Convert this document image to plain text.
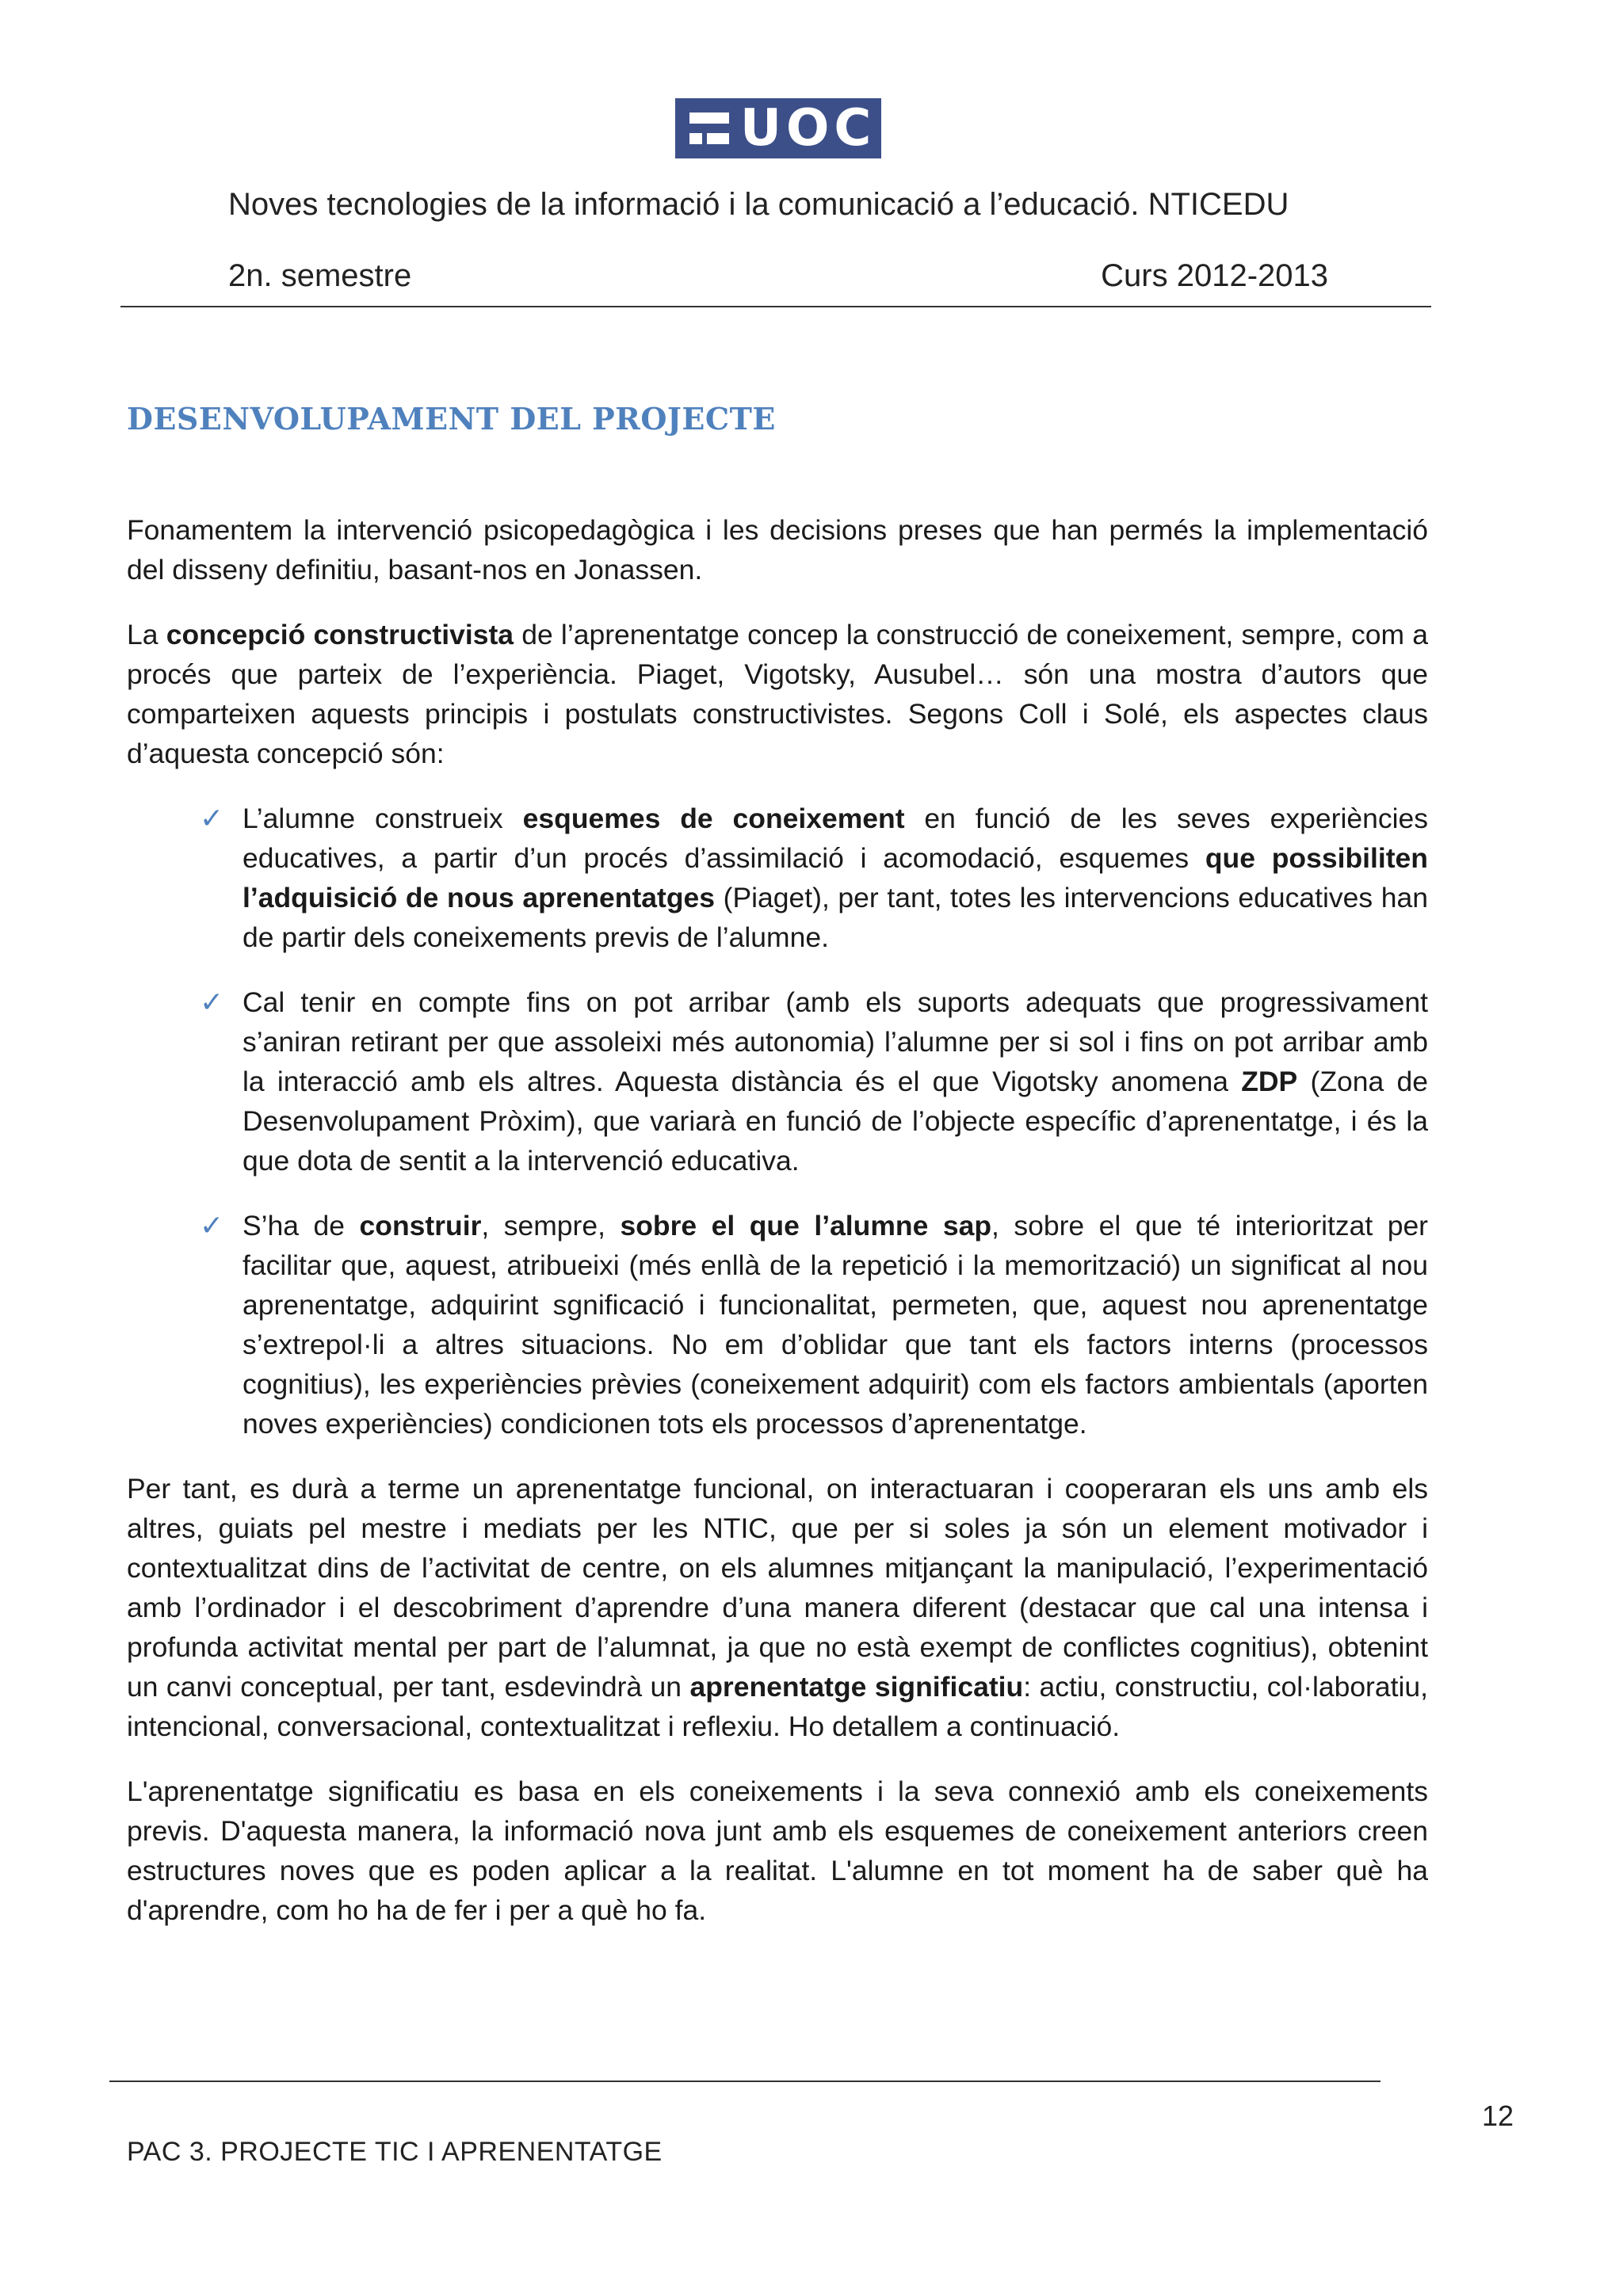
UOC
Noves tecnologies de la informació i la comunicació a l’educació. NTICEDU
2n. semestre	Curs 2012-2013
DESENVOLUPAMENT DEL PROJECTE

Fonamentem la intervenció psicopedagògica i les decisions preses que han permés la implementació del disseny definitiu, basant-nos en Jonassen.

La concepció constructivista de l’aprenentatge concep la construcció de coneixement, sempre, com a procés que parteix de l’experiència. Piaget, Vigotsky, Ausubel… són una mostra d’autors que comparteixen aquests principis i postulats constructivistes. Segons Coll i Solé, els aspectes claus d’aquesta concepció són:

✓ L’alumne construeix esquemes de coneixement en funció de les seves experiències educatives, a partir d’un procés d’assimilació i acomodació, esquemes que possibiliten l’adquisició de nous aprenentatges (Piaget), per tant, totes les intervencions educatives han de partir dels coneixements previs de l’alumne.
✓ Cal tenir en compte fins on pot arribar (amb els suports adequats que progressivament s’aniran retirant per que assoleixi més autonomia) l’alumne per si sol i fins on pot arribar amb la interacció amb els altres. Aquesta distància és el que Vigotsky anomena ZDP (Zona de Desenvolupament Pròxim), que variarà en funció de l’objecte específic d’aprenentatge, i és la que dota de sentit a la intervenció educativa.
✓ S’ha de construir, sempre, sobre el que l’alumne sap, sobre el que té interioritzat per facilitar que, aquest, atribueixi (més enllà de la repetició i la memorització) un significat al nou aprenentatge, adquirint sgnificació i funcionalitat, permeten, que, aquest nou aprenentatge s’extrepol·li a altres situacions. No em d’oblidar que tant els factors interns (processos cognitius), les experiències prèvies (coneixement adquirit) com els factors ambientals (aporten noves experiències) condicionen tots els processos d’aprenentatge.

Per tant, es durà a terme un aprenentatge funcional, on interactuaran i cooperaran els uns amb els altres, guiats pel mestre i mediats per les NTIC, que per si soles ja són un element motivador i contextualitzat dins de l’activitat de centre, on els alumnes mitjançant la manipulació, l’experimentació amb l’ordinador i el descobriment d’aprendre d’una manera diferent (destacar que cal una intensa i profunda activitat mental per part de l’alumnat, ja que no està exempt de conflictes cognitius), obtenint un canvi conceptual, per tant, esdevindrà un aprenentatge significatiu: actiu, constructiu, col·laboratiu, intencional, conversacional, contextualitzat i reflexiu. Ho detallem a continuació.

L'aprenentatge significatiu es basa en els coneixements i la seva connexió amb els coneixements previs. D'aquesta manera, la informació nova junt amb els esquemes de coneixement anteriors creen estructures noves que es poden aplicar a la realitat. L'alumne en tot moment ha de saber què ha d'aprendre, com ho ha de fer i per a què ho fa.

12
PAC 3. PROJECTE TIC I APRENENTATGE
